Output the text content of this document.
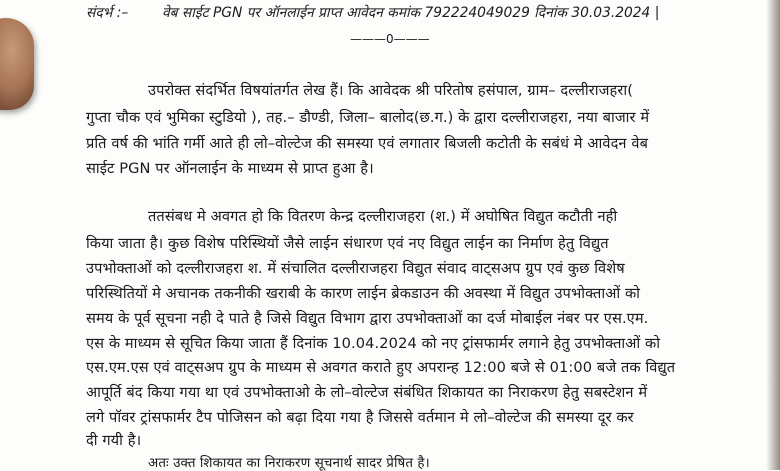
संदर्भ :– वेब साईट PGN पर ऑनलाईन प्राप्त आवेदन कमांक 792224049029 दिनांक 30.03.2024 |
———0———
उपरोक्त संदर्भित विषयांतर्गत लेख हैं। कि आवेदक श्री परितोष हसंपाल, ग्राम– दल्लीराजहरा(
गुप्ता चौक एवं भुमिका स्टुडियो ), तह.– डौण्डी, जिला– बालोद(छ.ग.) के द्वारा दल्लीराजहरा, नया बाजार में
प्रति वर्ष की भांति गर्मी आते ही लो–वोल्टेज की समस्या एवं लगातार बिजली कटोती के सबंधं मे आवेदन वेब
साईट PGN पर ऑनलाईन के माध्यम से प्राप्त हुआ है।
ततसंबध मे अवगत हो कि वितरण केन्द्र दल्लीराजहरा (श.) में अघोषित विद्युत कटौती नही
किया जाता है। कुछ विशेष परिस्थियों जैसे लाईन संधारण एवं नए विद्युत लाईन का निर्माण हेतु विद्युत
उपभोक्ताओं को दल्लीराजहरा श. में संचालित दल्लीराजहरा विद्युत संवाद वाट्सअप ग्रुप एवं कुछ विशेष
परिस्थितियों मे अचानक तकनीकी खराबी के कारण लाईन ब्रेकडाउन की अवस्था में विद्युत उपभोक्ताओं को
समय के पूर्व सूचना नही दे पाते है जिसे विद्युत विभाग द्वारा उपभोक्ताओं का दर्ज मोबाईल नंबर पर एस.एम.
एस के माध्यम से सूचित किया जाता हैं दिनांक 10.04.2024 को नए ट्रांसफार्मर लगाने हेतु उपभोक्ताओं को
एस.एम.एस एवं वाट्सअप ग्रुप के माध्यम से अवगत कराते हुए अपरान्ह 12:00 बजे से 01:00 बजे तक विद्युत
आपूर्ति बंद किया गया था एवं उपभोक्ताओ के लो–वोल्टेज संबंधित शिकायत का निराकरण हेतु सबस्टेशन में
लगे पॉवर ट्रांसफार्मर टैप पोजिसन को बढ़ा दिया गया है जिससे वर्तमान मे लो–वोल्टेज की समस्या दूर कर
दी गयी है।
अतः उक्त शिकायत का निराकरण सूचनार्थ सादर प्रेषित है।
